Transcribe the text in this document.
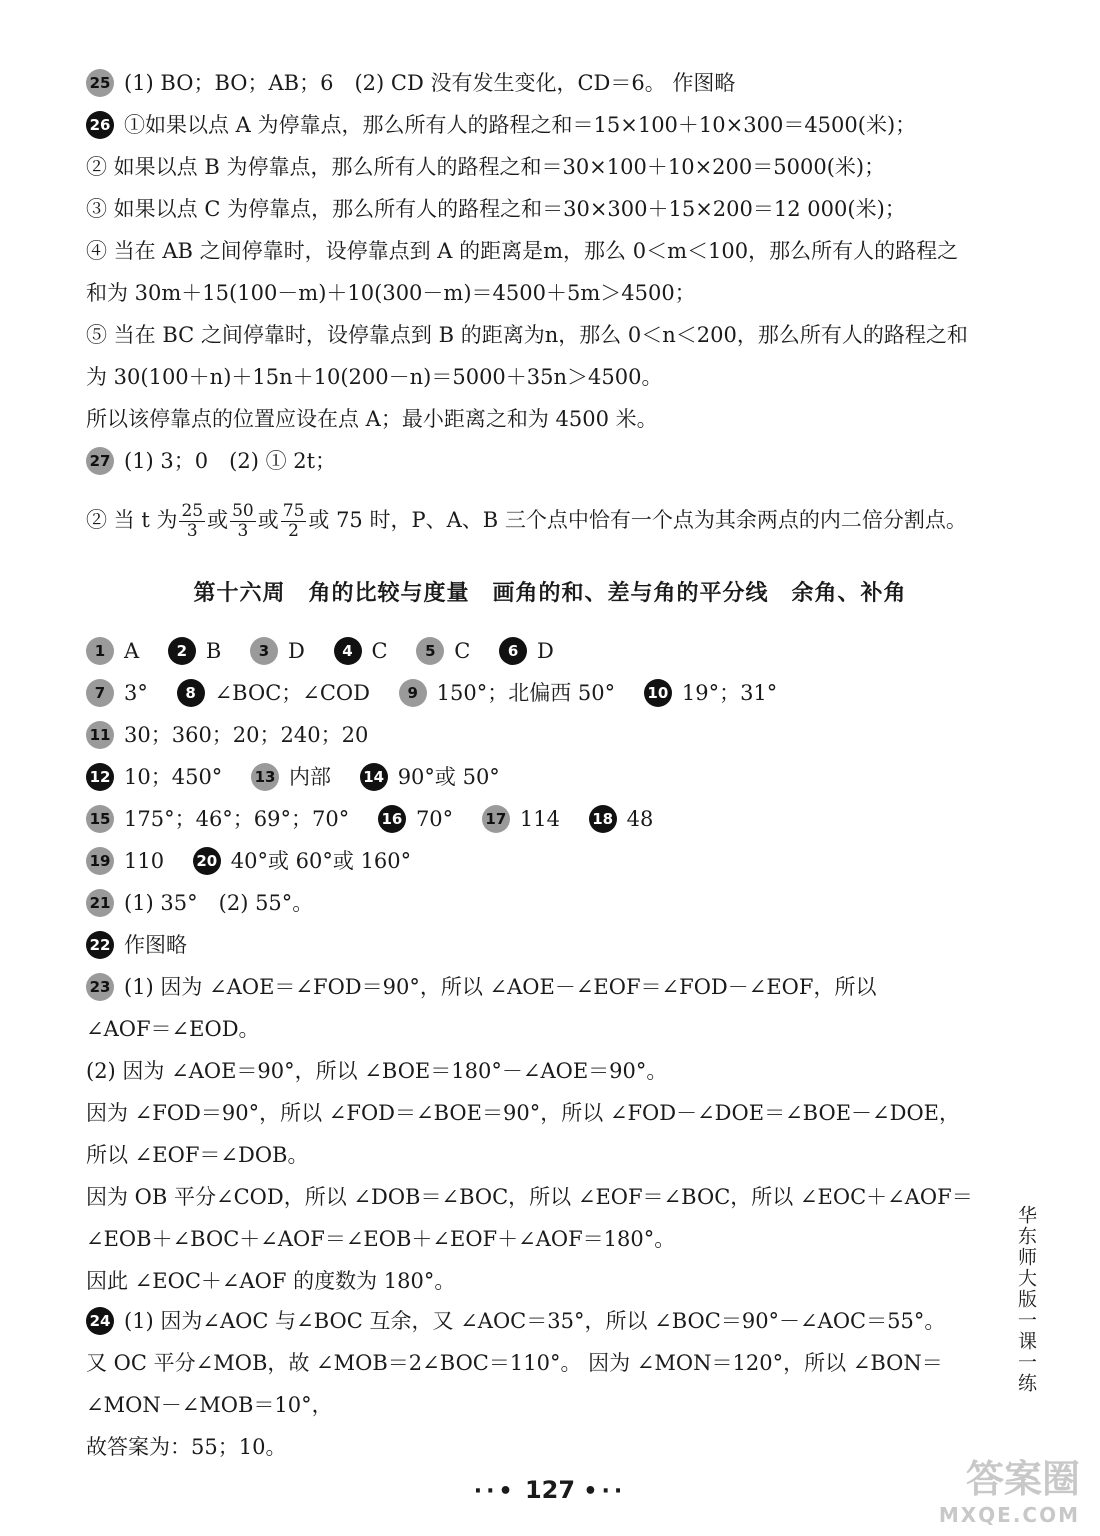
25 (1) BO；BO；AB；6　(2) CD 没有发生变化，CD＝6。 作图略
26 ①如果以点 A 为停靠点，那么所有人的路程之和＝15×100＋10×300＝4500(米)；
② 如果以点 B 为停靠点，那么所有人的路程之和＝30×100＋10×200＝5000(米)；
③ 如果以点 C 为停靠点，那么所有人的路程之和＝30×300＋15×200＝12 000(米)；
④ 当在 AB 之间停靠时，设停靠点到 A 的距离是m，那么 0＜m＜100，那么所有人的路程之
和为 30m＋15(100－m)＋10(300－m)＝4500＋5m＞4500；
⑤ 当在 BC 之间停靠时，设停靠点到 B 的距离为n，那么 0＜n＜200，那么所有人的路程之和
为 30(100＋n)＋15n＋10(200－n)＝5000＋35n＞4500。
所以该停靠点的位置应设在点 A；最小距离之和为 4500 米。
27 (1) 3；0　(2) ① 2t；
② 当 t 为 $\frac{25}{3}$ 或 $\frac{50}{3}$ 或 $\frac{75}{2}$ 或 75 时，P、A、B 三个点中恰有一个点为其余两点的内二倍分割点。
第十六周　角的比较与度量　画角的和、差与角的平分线　余角、补角
1 A 2 B 3 D 4 C 5 C 6 D
7 3° 8 ∠BOC；∠COD 9 150°；北偏西 50° 10 19°；31°
11 30；360；20；240；20
12 10；450° 13 内部 14 90°或 50°
15 175°；46°；69°；70° 16 70° 17 114 18 48
19 110 20 40°或 60°或 160°
21 (1) 35°　(2) 55°。
22 作图略
23 (1) 因为 ∠AOE＝∠FOD＝90°，所以 ∠AOE－∠EOF＝∠FOD－∠EOF，所以
∠AOF＝∠EOD。
(2) 因为 ∠AOE＝90°，所以 ∠BOE＝180°－∠AOE＝90°。
因为 ∠FOD＝90°，所以 ∠FOD＝∠BOE＝90°，所以 ∠FOD－∠DOE＝∠BOE－∠DOE，
所以 ∠EOF＝∠DOB。
因为 OB 平分∠COD，所以 ∠DOB＝∠BOC，所以 ∠EOF＝∠BOC，所以 ∠EOC＋∠AOF＝
∠EOB＋∠BOC＋∠AOF＝∠EOB＋∠EOF＋∠AOF＝180°。
因此 ∠EOC＋∠AOF 的度数为 180°。
24 (1) 因为∠AOC 与∠BOC 互余，又 ∠AOC＝35°，所以 ∠BOC＝90°－∠AOC＝55°。
又 OC 平分∠MOB，故 ∠MOB＝2∠BOC＝110°。 因为 ∠MON＝120°，所以 ∠BON＝
∠MON－∠MOB＝10°，
故答案为：55；10。
华东师大版一课一练
··• 127 •··	答案圈
MXQE.COM
